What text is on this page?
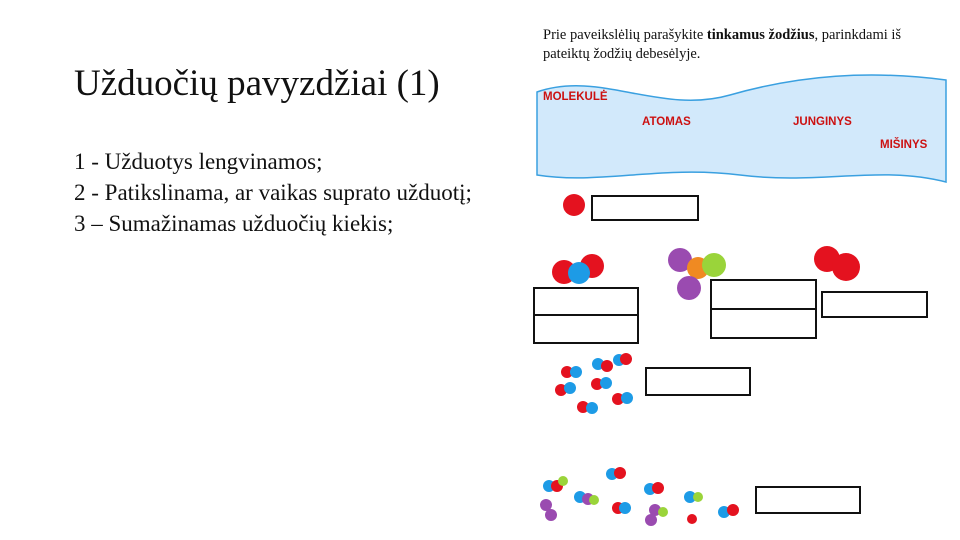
Užduočių pavyzdžiai (1)
1 - Užduotys lengvinamos;
2 - Patikslinama, ar vaikas suprato užduotį;
3 – Sumažinamas užduočių kiekis;
Prie paveikslėlių parašykite tinkamus žodžius, parinkdami iš pateiktų žodžių debesėlyje.
MOLEKULĖ
ATOMAS	JUNGINYS
MIŠINYS
